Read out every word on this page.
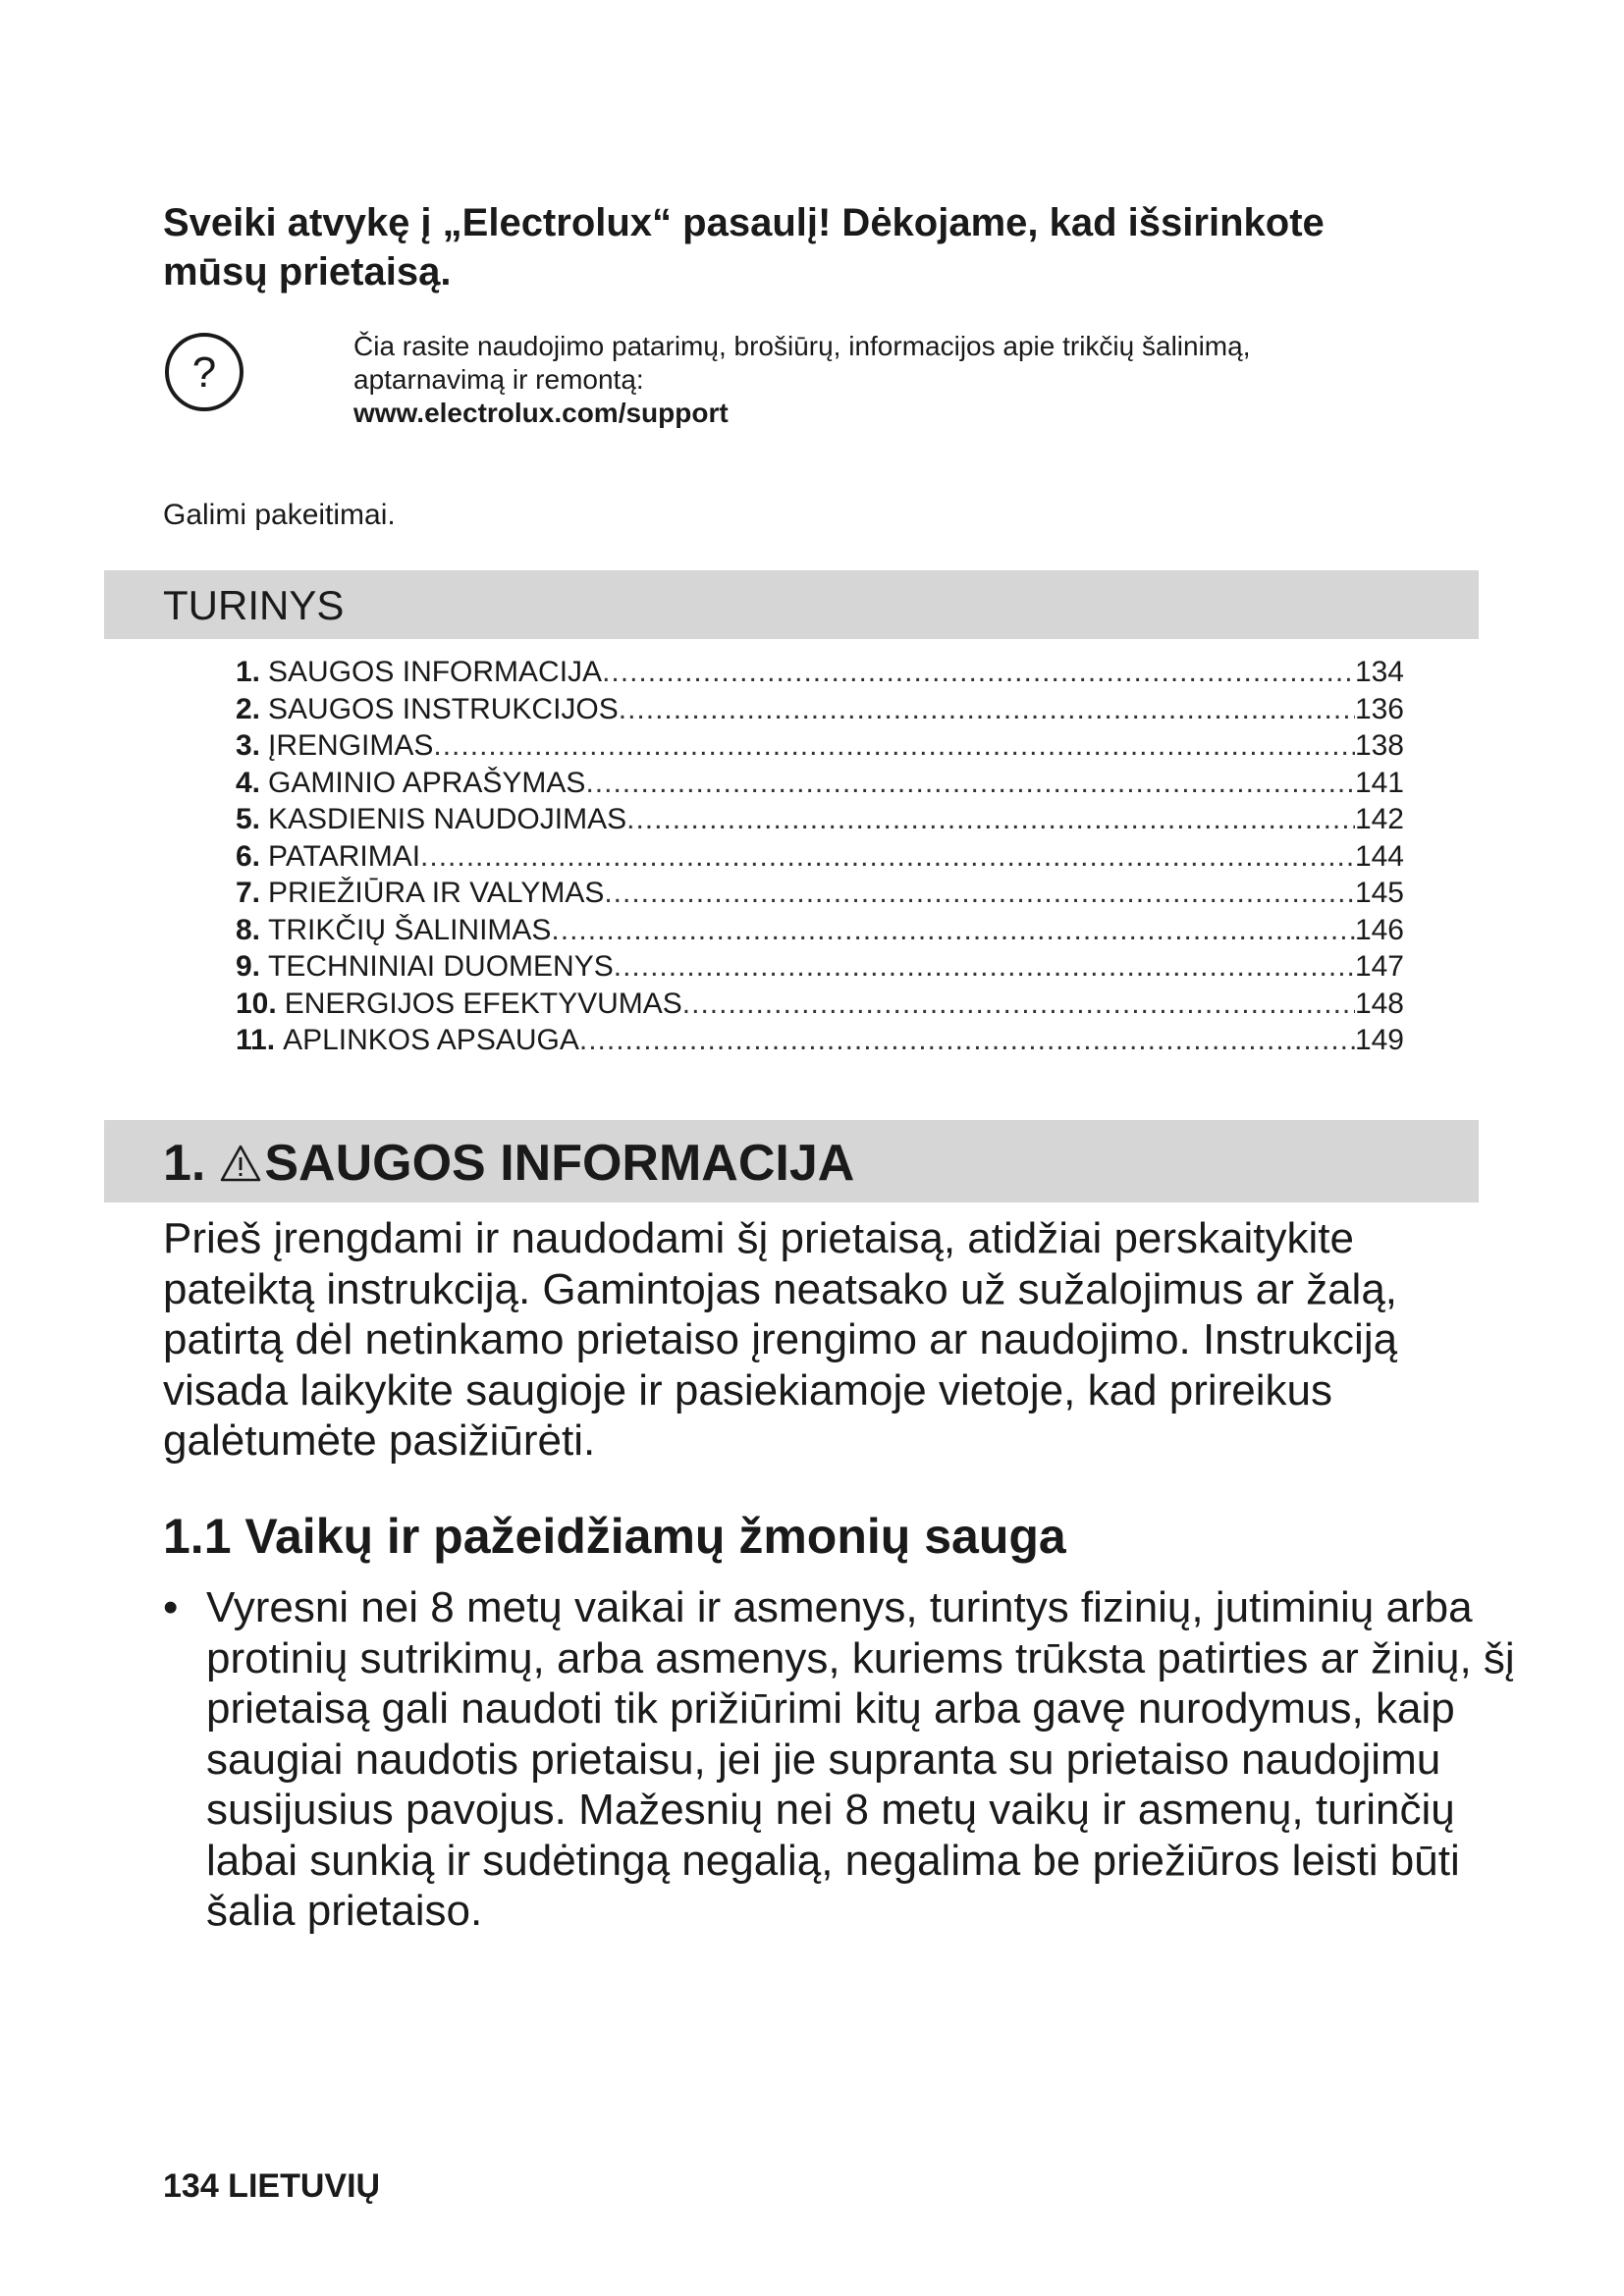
Sveiki atvykę į „Electrolux“ pasaulį! Dėkojame, kad išsirinkote
mūsų prietaisą.
?
Čia rasite naudojimo patarimų, brošiūrų, informacijos apie trikčių šalinimą,
aptarnavimą ir remontą:
www.electrolux.com/support
Galimi pakeitimai.
TURINYS
1. SAUGOS INFORMACIJA .....	134
2. SAUGOS INSTRUKCIJOS .....	136
3. ĮRENGIMAS .....	138
4. GAMINIO APRAŠYMAS .....	141
5. KASDIENIS NAUDOJIMAS .....	142
6. PATARIMAI .....	144
7. PRIEŽIŪRA IR VALYMAS .....	145
8. TRIKČIŲ ŠALINIMAS .....	146
9. TECHNINIAI DUOMENYS .....	147
10. ENERGIJOS EFEKTYVUMAS .....	148
11. APLINKOS APSAUGA .....	149
1. SAUGOS INFORMACIJA

Prieš įrengdami ir naudodami šį prietaisą, atidžiai perskaitykite pateiktą instrukciją. Gamintojas neatsako už sužalojimus ar žalą, patirtą dėl netinkamo prietaiso įrengimo ar naudojimo. Instrukciją visada laikykite saugioje ir pasiekiamoje vietoje, kad prireikus galėtumėte pasižiūrėti.

1.1 Vaikų ir pažeidžiamų žmonių sauga

• Vyresni nei 8 metų vaikai ir asmenys, turintys fizinių, jutiminių arba protinių sutrikimų, arba asmenys, kuriems trūksta patirties ar žinių, šį prietaisą gali naudoti tik prižiūrimi kitų arba gavę nurodymus, kaip saugiai naudotis prietaisu, jei jie supranta su prietaiso naudojimu susijusius pavojus. Mažesnių nei 8 metų vaikų ir asmenų, turinčių labai sunkią ir sudėtingą negalią, negalima be priežiūros leisti būti šalia prietaiso.

134 LIETUVIŲ
